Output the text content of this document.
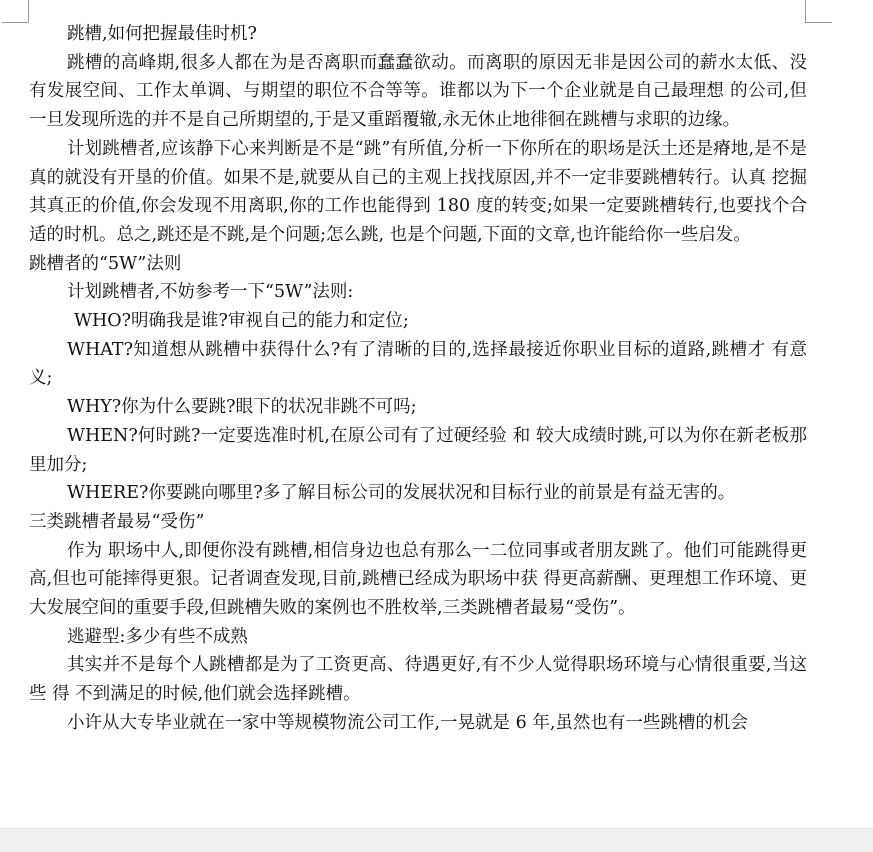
跳槽,如何把握最佳时机?

跳槽的高峰期,很多人都在为是否离职而蠢蠢欲动。而离职的原因无非是因公司的薪水太低、没有发展空间、工作太单调、与期望的职位不合等等。谁都以为下一个企业就是自己最理想 的公司,但一旦发现所选的并不是自己所期望的,于是又重蹈覆辙,永无休止地徘徊在跳槽与求职的边缘。

计划跳槽者,应该静下心来判断是不是“跳”有所值,分析一下你所在的职场是沃土还是瘠地,是不是真的就没有开垦的价值。如果不是,就要从自己的主观上找找原因,并不一定非要跳槽转行。认真 挖掘其真正的价值,你会发现不用离职,你的工作也能得到 180 度的转变;如果一定要跳槽转行,也要找个合适的时机。总之,跳还是不跳,是个问题;怎么跳, 也是个问题,下面的文章,也许能给你一些启发。

跳槽者的“5W”法则

计划跳槽者,不妨参考一下“5W”法则:

WHO?明确我是谁?审视自己的能力和定位;

WHAT?知道想从跳槽中获得什么?有了清晰的目的,选择最接近你职业目标的道路,跳槽才 有意义;

WHY?你为什么要跳?眼下的状况非跳不可吗;

WHEN?何时跳?一定要选准时机,在原公司有了过硬经验 和 较大成绩时跳,可以为你在新老板那里加分;

WHERE?你要跳向哪里?多了解目标公司的发展状况和目标行业的前景是有益无害的。

三类跳槽者最易“受伤”

作为 职场中人,即便你没有跳槽,相信身边也总有那么一二位同事或者朋友跳了。他们可能跳得更高,但也可能摔得更狠。记者调查发现,目前,跳槽已经成为职场中获 得更高薪酬、更理想工作环境、更大发展空间的重要手段,但跳槽失败的案例也不胜枚举,三类跳槽者最易“受伤”。

逃避型:多少有些不成熟

其实并不是每个人跳槽都是为了工资更高、待遇更好,有不少人觉得职场环境与心情很重要,当这些 得 不到满足的时候,他们就会选择跳槽。

小许从大专毕业就在一家中等规模物流公司工作,一晃就是 6 年,虽然也有一些跳槽的机会
